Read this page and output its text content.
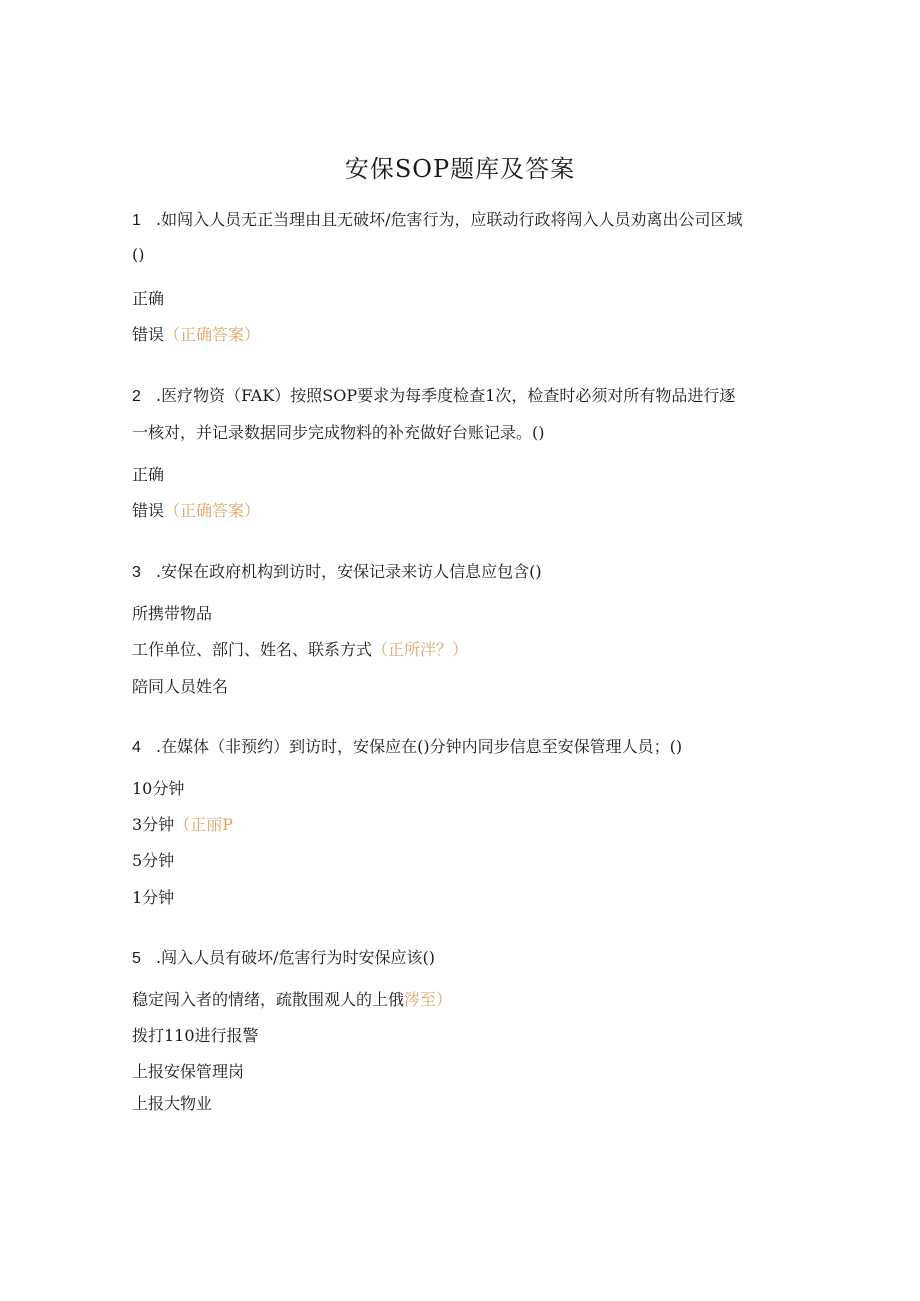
安保SOP题库及答案
1 .如闯入人员无正当理由且无破坏/危害行为，应联动行政将闯入人员劝离出公司区域
()
正确
错误（正确答案）
2 .医疗物资（FAK）按照SOP要求为每季度检查1次，检查时必须对所有物品进行逐
一核对，并记录数据同步完成物料的补充做好台账记录。()
正确
错误（正确答案）
3 .安保在政府机构到访时，安保记录来访人信息应包含()
所携带物品
工作单位、部门、姓名、联系方式（正所泮？）
陪同人员姓名
4 .在媒体（非预约）到访时，安保应在()分钟内同步信息至安保管理人员；()
10分钟
3分钟（正丽P
5分钟
1分钟
5 .闯入人员有破坏/危害行为时安保应该()
稳定闯入者的情绪，疏散围观人的上俄涔至）
拨打110进行报警
上报安保管理岗
上报大物业
